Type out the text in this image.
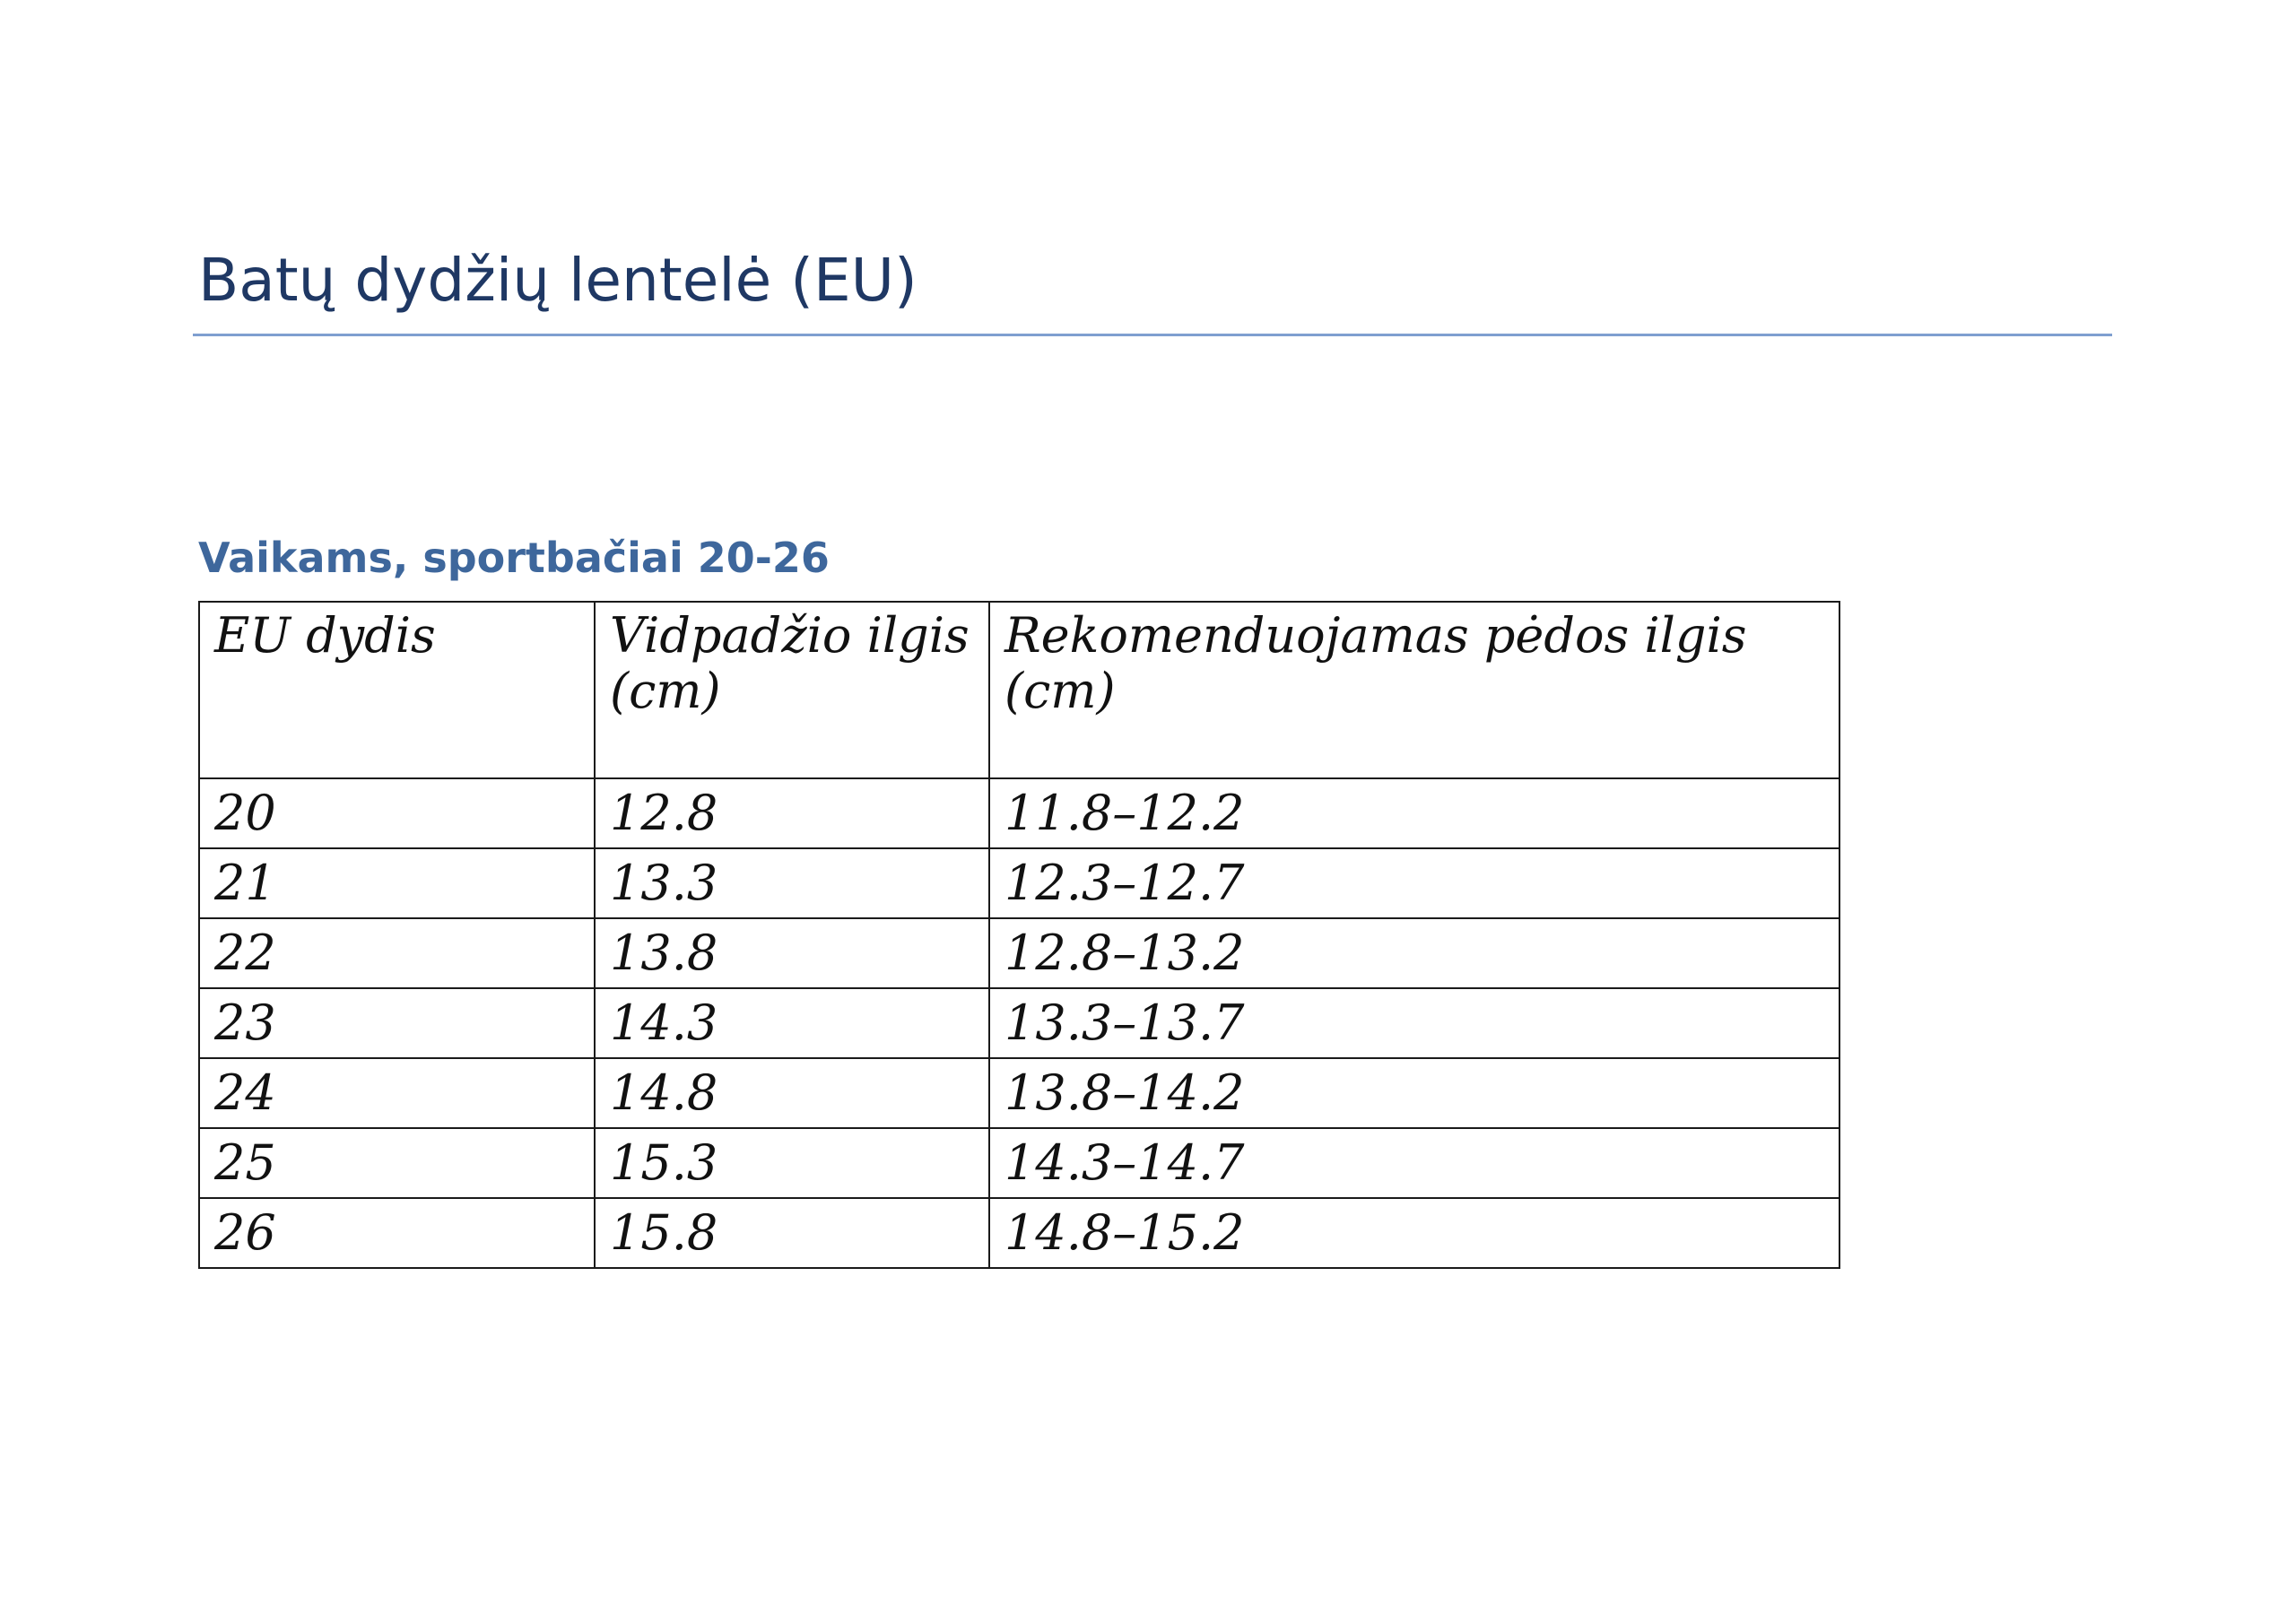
Batų dydžių lentelė (EU)
Vaikams, sportbačiai 20-26
EU dydis	Vidpadžio ilgis (cm)	Rekomenduojamas pėdos ilgis (cm)
20	12.8	11.8–12.2
21	13.3	12.3–12.7
22	13.8	12.8–13.2
23	14.3	13.3–13.7
24	14.8	13.8–14.2
25	15.3	14.3–14.7
26	15.8	14.8–15.2
